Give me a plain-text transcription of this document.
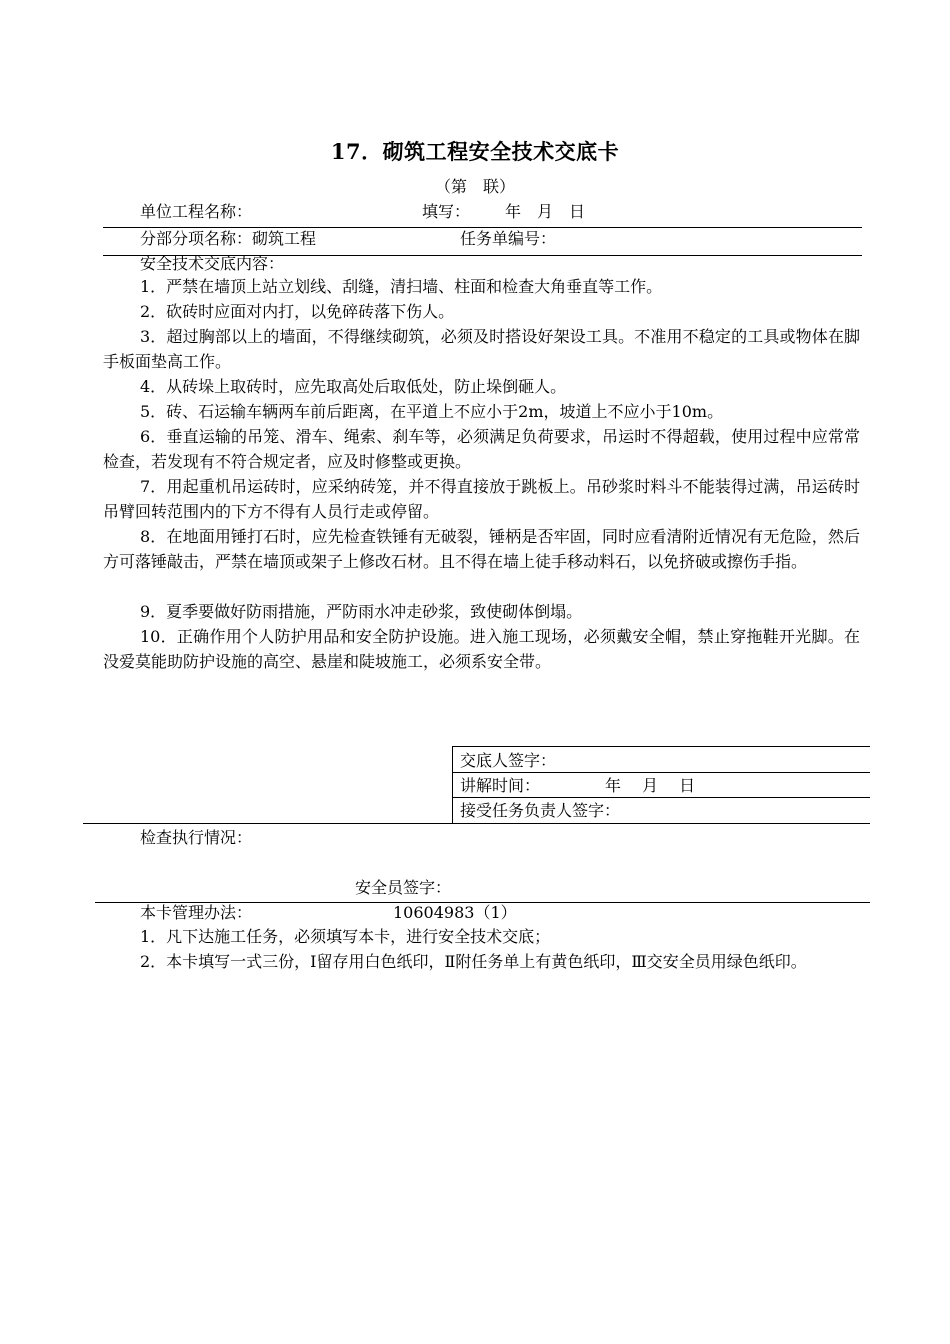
17．砌筑工程安全技术交底卡
（第　联）
单位工程名称：	填写： 年　月　日
分部分项名称：砌筑工程	任务单编号：
安全技术交底内容：
1．严禁在墙顶上站立划线、刮缝，清扫墙、柱面和检查大角垂直等工作。
2．砍砖时应面对内打，以免碎砖落下伤人。
3．超过胸部以上的墙面，不得继续砌筑，必须及时搭设好架设工具。不准用不稳定的工具或物体在脚手板面垫高工作。
4．从砖垛上取砖时，应先取高处后取低处，防止垛倒砸人。
5．砖、石运输车辆两车前后距离，在平道上不应小于2m，坡道上不应小于10m。
6．垂直运输的吊笼、滑车、绳索、刹车等，必须满足负荷要求，吊运时不得超载，使用过程中应常常检查，若发现有不符合规定者，应及时修整或更换。
7．用起重机吊运砖时，应采纳砖笼，并不得直接放于跳板上。吊砂浆时料斗不能装得过满，吊运砖时吊臂回转范围内的下方不得有人员行走或停留。
8．在地面用锤打石时，应先检查铁锤有无破裂，锤柄是否牢固，同时应看清附近情况有无危险，然后方可落锤敲击，严禁在墙顶或架子上修改石材。且不得在墙上徒手移动料石，以免挤破或擦伤手指。
9．夏季要做好防雨措施，严防雨水冲走砂浆，致使砌体倒塌。
10．正确作用个人防护用品和安全防护设施。进入施工现场，必须戴安全帽，禁止穿拖鞋开光脚。在没爱莫能助防护设施的高空、悬崖和陡坡施工，必须系安全带。
交底人签字：
讲解时间：	年　 月　 日
接受任务负责人签字：
检查执行情况：
安全员签字：
本卡管理办法：	10604983（1）
1．凡下达施工任务，必须填写本卡，进行安全技术交底；
2．本卡填写一式三份，Ⅰ留存用白色纸印，Ⅱ附任务单上有黄色纸印，Ⅲ交安全员用绿色纸印。
